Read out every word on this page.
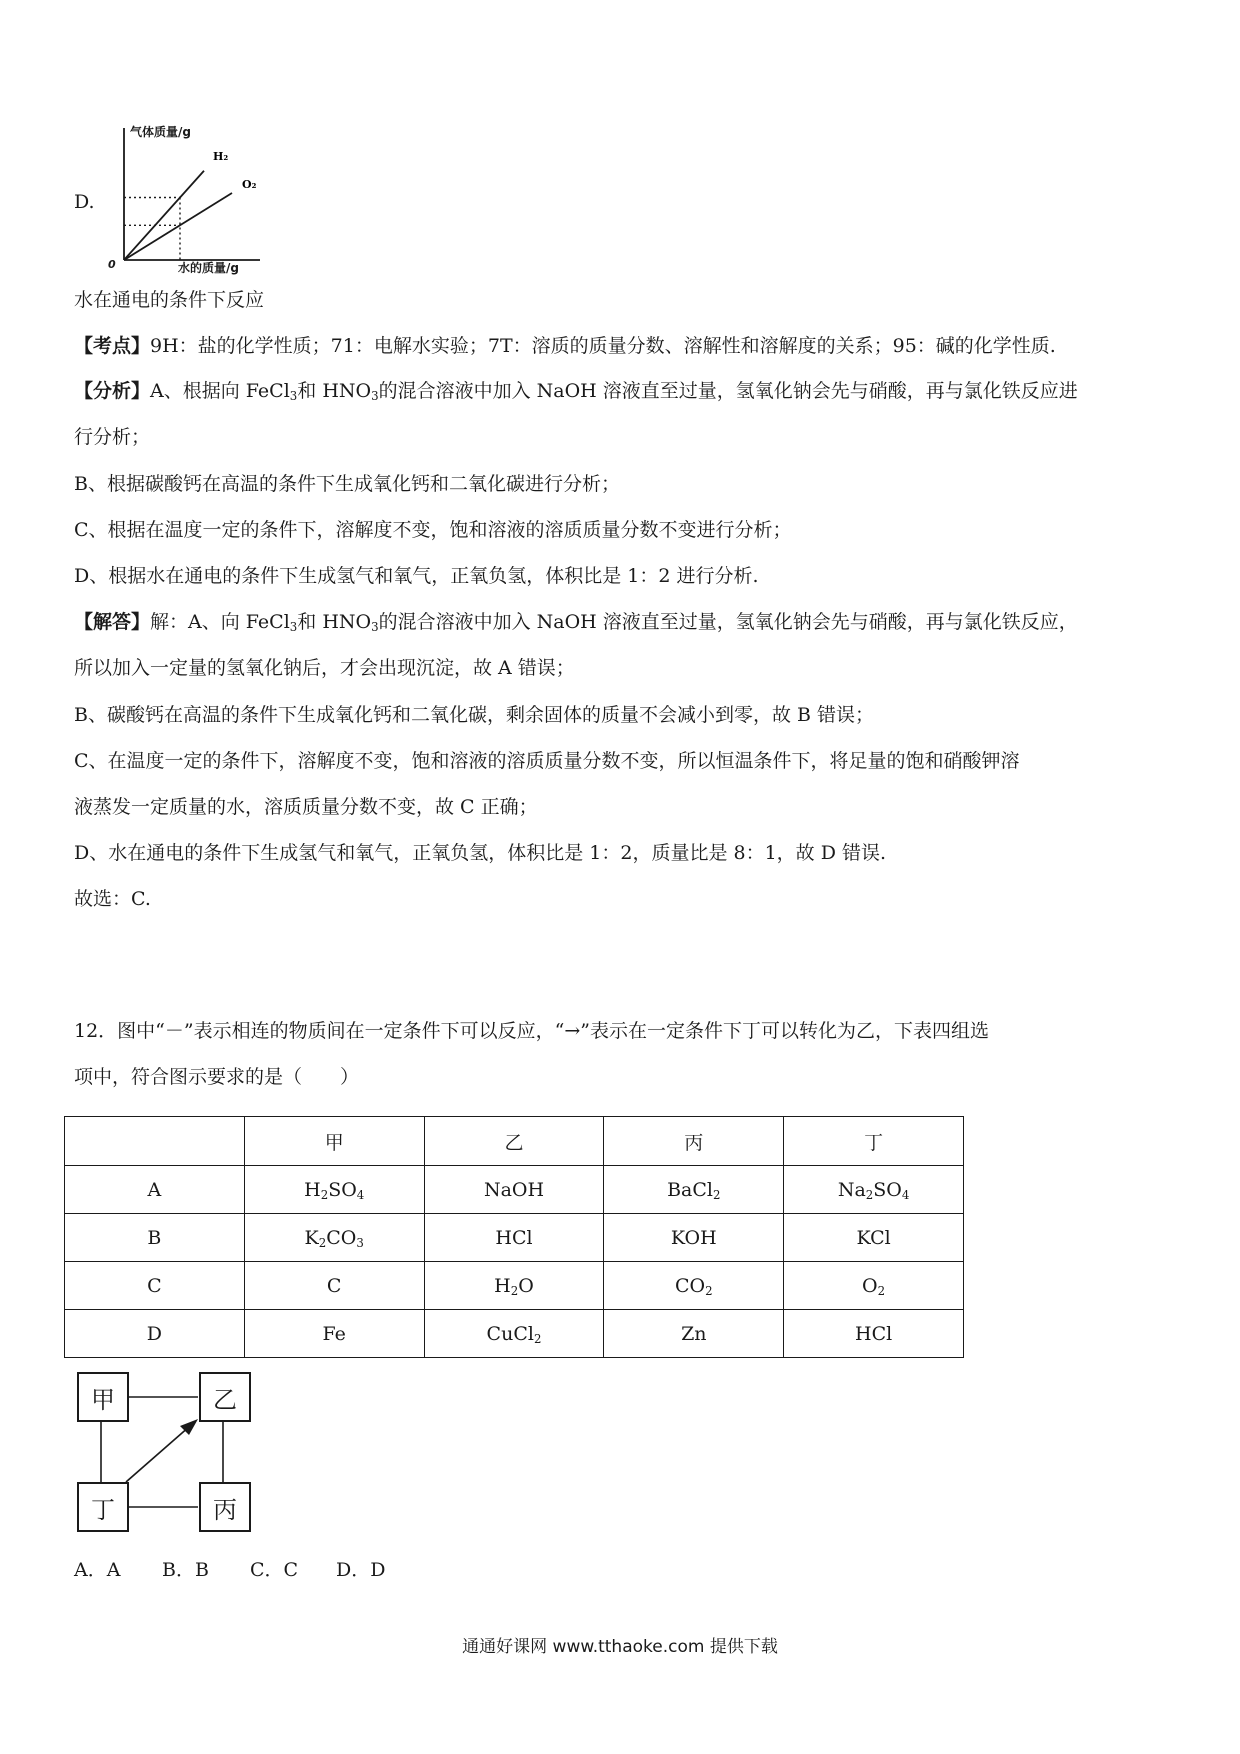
D.
气体质量/g
水的质量/g
0
H₂
O₂
水在通电的条件下反应
【考点】9H：盐的化学性质；71：电解水实验；7T：溶质的质量分数、溶解性和溶解度的关系；95：碱的化学性质.
【分析】A、根据向 FeCl$_3$和 $HNO_3$的混合溶液中加入 NaOH 溶液直至过量，氢氧化钠会先与硝酸，再与氯化铁反应进
行分析；
B、根据碳酸钙在高温的条件下生成氧化钙和二氧化碳进行分析；
C、根据在温度一定的条件下，溶解度不变，饱和溶液的溶质质量分数不变进行分析；
D、根据水在通电的条件下生成氢气和氧气，正氧负氢，体积比是 1：2 进行分析.
【解答】解：A、向 FeCl$_3$和 $HNO_3$的混合溶液中加入 NaOH 溶液直至过量，氢氧化钠会先与硝酸，再与氯化铁反应，
所以加入一定量的氢氧化钠后，才会出现沉淀，故 A 错误；
B、碳酸钙在高温的条件下生成氧化钙和二氧化碳，剩余固体的质量不会减小到零，故 B 错误；
C、在温度一定的条件下，溶解度不变，饱和溶液的溶质质量分数不变，所以恒温条件下，将足量的饱和硝酸钾溶
液蒸发一定质量的水，溶质质量分数不变，故 C 正确；
D、水在通电的条件下生成氢气和氧气，正氧负氢，体积比是 1：2，质量比是 8：1，故 D 错误.
故选：C.
12．图中“－”表示相连的物质间在一定条件下可以反应，“→”表示在一定条件下丁可以转化为乙，下表四组选
项中，符合图示要求的是（　　）
	甲	乙	丙	丁
A	$H_2SO_4$	NaOH	BaCl$_2$	$Na_2SO_4$
B	$K_2CO_3$	HCl	KOH	KCl
C	C	$H_2O$	$CO_2$	$O_2$
D	Fe	CuCl$_2$	Zn	HCl
甲	乙
丁	丙
A．A B．B C．C D．D
通通好课网 www.tthaoke.com 提供下载
